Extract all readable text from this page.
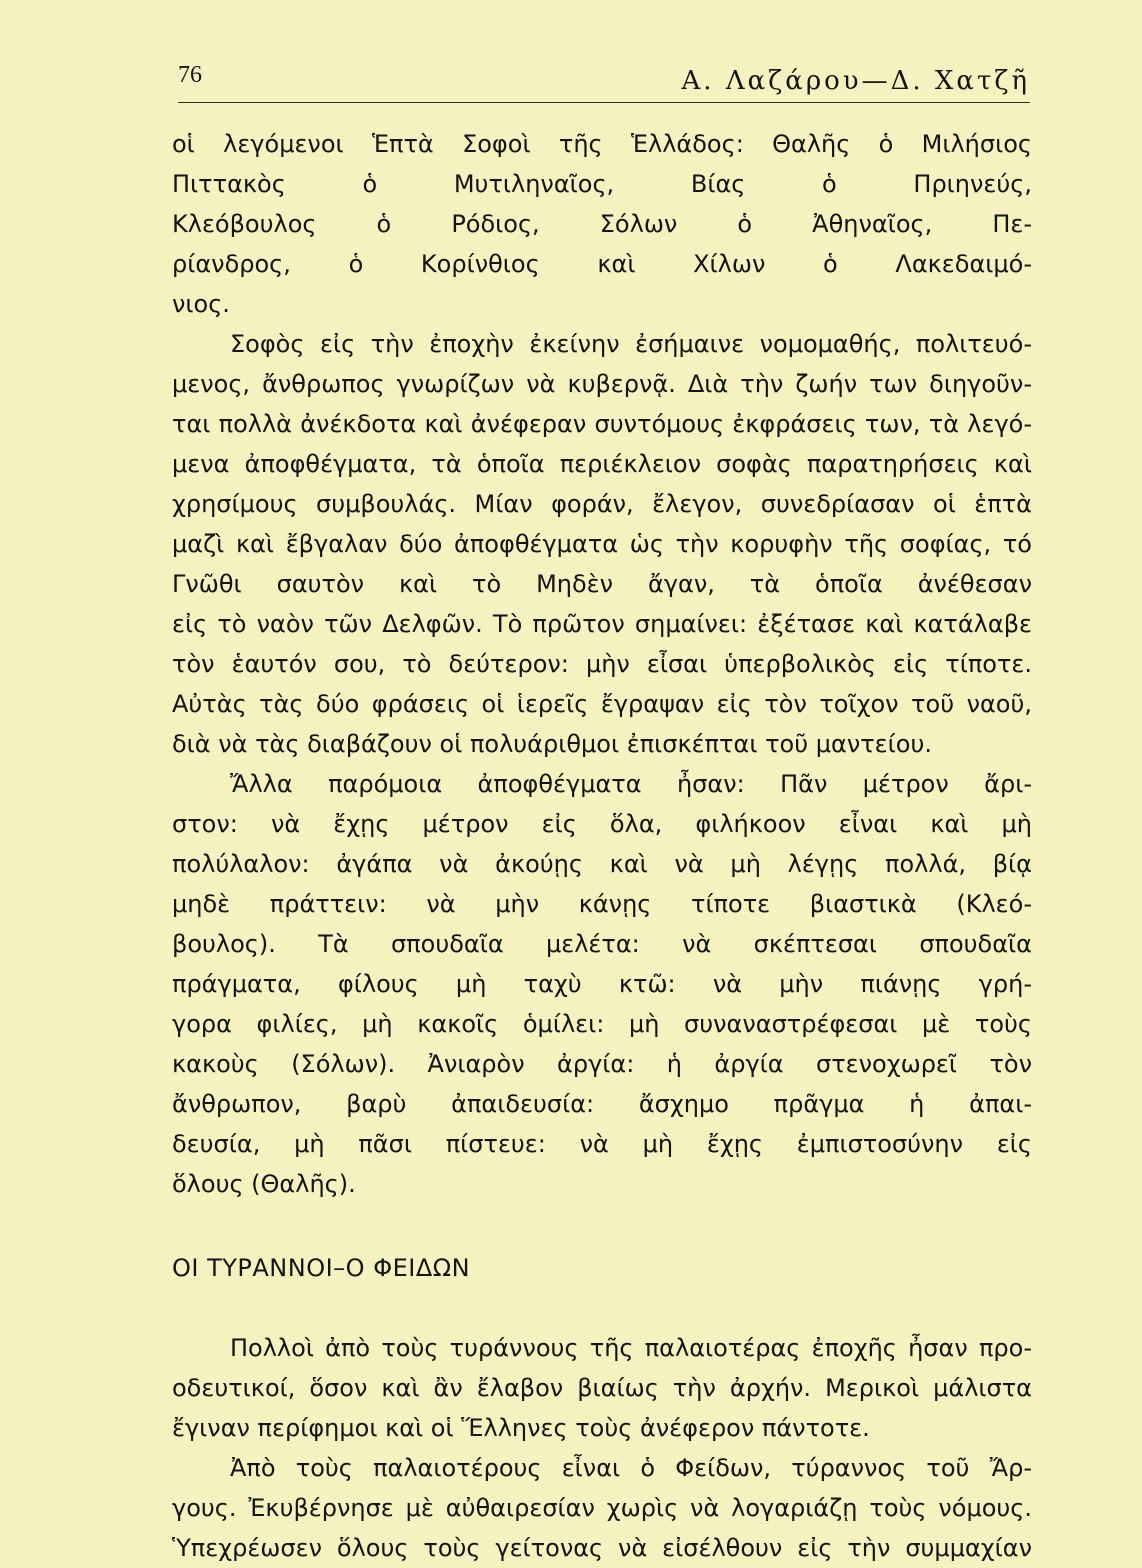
76	Α. Λαζάρου—Δ. Χατζῆ
οἱ λεγόμενοι Ἑπτὰ Σοφοὶ τῆς Ἑλλάδος: Θαλῆς ὁ Μιλήσιος
Πιττακὸς ὁ Μυτιληναῖος, Βίας ὁ Πριηνεύς,
Κλεόβουλος ὁ Ρόδιος, Σόλων ὁ Ἀθηναῖος, Πε-
ρίανδρος, ὁ Κορίνθιος καὶ Χίλων ὁ Λακεδαιμό-
νιος.
Σοφὸς εἰς τὴν ἐποχὴν ἐκείνην ἐσήμαινε νομομαθής, πολιτευό-
μενος, ἄνθρωπος γνωρίζων νὰ κυβερνᾷ. Διὰ τὴν ζωήν των διηγοῦν-
ται πολλὰ ἀνέκδοτα καὶ ἀνέφεραν συντόμους ἐκφράσεις των, τὰ λεγό-
μενα ἀποφθέγματα, τὰ ὁποῖα περιέκλειον σοφὰς παρατηρήσεις καὶ
χρησίμους συμβουλάς. Μίαν φοράν, ἔλεγον, συνεδρίασαν οἱ ἑπτὰ
μαζὶ καὶ ἔβγαλαν δύο ἀποφθέγματα ὡς τὴν κορυφὴν τῆς σοφίας, τό
Γνῶθι σαυτὸν καὶ τὸ Μηδὲν ἄγαν, τὰ ὁποῖα ἀνέθεσαν
εἰς τὸ ναὸν τῶν Δελφῶν. Τὸ πρῶτον σημαίνει: ἐξέτασε καὶ κατάλαβε
τὸν ἑαυτόν σου, τὸ δεύτερον: μὴν εἶσαι ὑπερβολικὸς εἰς τίποτε.
Αὐτὰς τὰς δύο φράσεις οἱ ἱερεῖς ἔγραψαν εἰς τὸν τοῖχον τοῦ ναοῦ,
διὰ νὰ τὰς διαβάζουν οἱ πολυάριθμοι ἐπισκέπται τοῦ μαντείου.
Ἄλλα παρόμοια ἀποφθέγματα ἦσαν: Πᾶν μέτρον ἄρι-
στον: νὰ ἔχῃς μέτρον εἰς ὅλα, φιλήκοον εἶναι καὶ μὴ
πολύλαλον: ἀγάπα νὰ ἀκούῃς καὶ νὰ μὴ λέγῃς πολλά, βίᾳ
μηδὲ πράττειν: νὰ μὴν κάνῃς τίποτε βιαστικὰ (Κλεό-
βουλος). Τὰ σπουδαῖα μελέτα: νὰ σκέπτεσαι σπουδαῖα
πράγματα, φίλους μὴ ταχὺ κτῶ: νὰ μὴν πιάνῃς γρή-
γορα φιλίες, μὴ κακοῖς ὁμίλει: μὴ συναναστρέφεσαι μὲ τοὺς
κακοὺς (Σόλων). Ἀνιαρὸν ἀργία: ἡ ἀργία στενοχωρεῖ τὸν
ἄνθρωπον, βαρὺ ἀπαιδευσία: ἄσχημο πρᾶγμα ἡ ἀπαι-
δευσία, μὴ πᾶσι πίστευε: νὰ μὴ ἔχῃς ἐμπιστοσύνην εἰς
ὅλους (Θαλῆς).
ΟΙ ΤΥΡΑΝΝΟΙ–Ο ΦΕΙΔΩΝ
Πολλοὶ ἀπὸ τοὺς τυράννους τῆς παλαιοτέρας ἐποχῆς ἦσαν προ-
οδευτικοί, ὅσον καὶ ἂν ἔλαβον βιαίως τὴν ἀρχήν. Μερικοὶ μάλιστα
ἔγιναν περίφημοι καὶ οἱ Ἕλληνες τοὺς ἀνέφερον πάντοτε.
Ἀπὸ τοὺς παλαιοτέρους εἶναι ὁ Φείδων, τύραννος τοῦ Ἄρ-
γους. Ἐκυβέρνησε μὲ αὐθαιρεσίαν χωρὶς νὰ λογαριάζῃ τοὺς νόμους.
Ὑπεχρέωσεν ὅλους τοὺς γείτονας νὰ εἰσέλθουν εἰς τὴν συμμαχίαν
